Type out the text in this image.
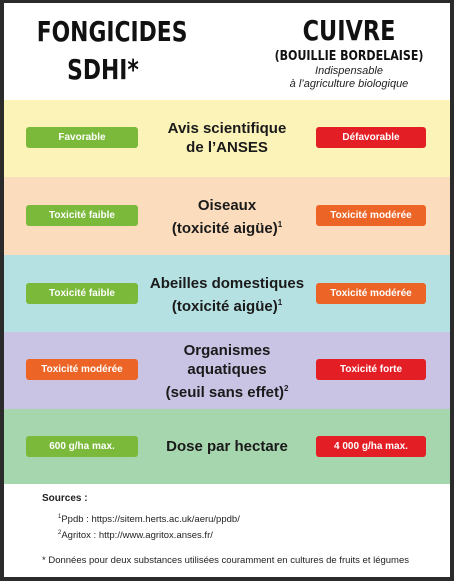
FONGICIDES
SDHI*
CUIVRE
(BOUILLIE BORDELAISE)
Indispensable
à l’agriculture biologique
Favorable
Avis scientifique
de l’ANSES
Défavorable
Toxicité faible
Oiseaux
(toxicité aigüe)$^1$
Toxicité modérée
Toxicité faible
Abeilles domestiques
(toxicité aigüe)$^1$
Toxicité modérée
Toxicité modérée
Organismes
aquatiques
(seuil sans effet)$^2$
Toxicité forte
600 g/ha max.	Dose par hectare	4 000 g/ha max.
Sources :
$^1$Ppdb : https://sitem.herts.ac.uk/aeru/ppdb/
$^2$Agritox : http://www.agritox.anses.fr/
* Données pour deux substances utilisées couramment en cultures de fruits et légumes
